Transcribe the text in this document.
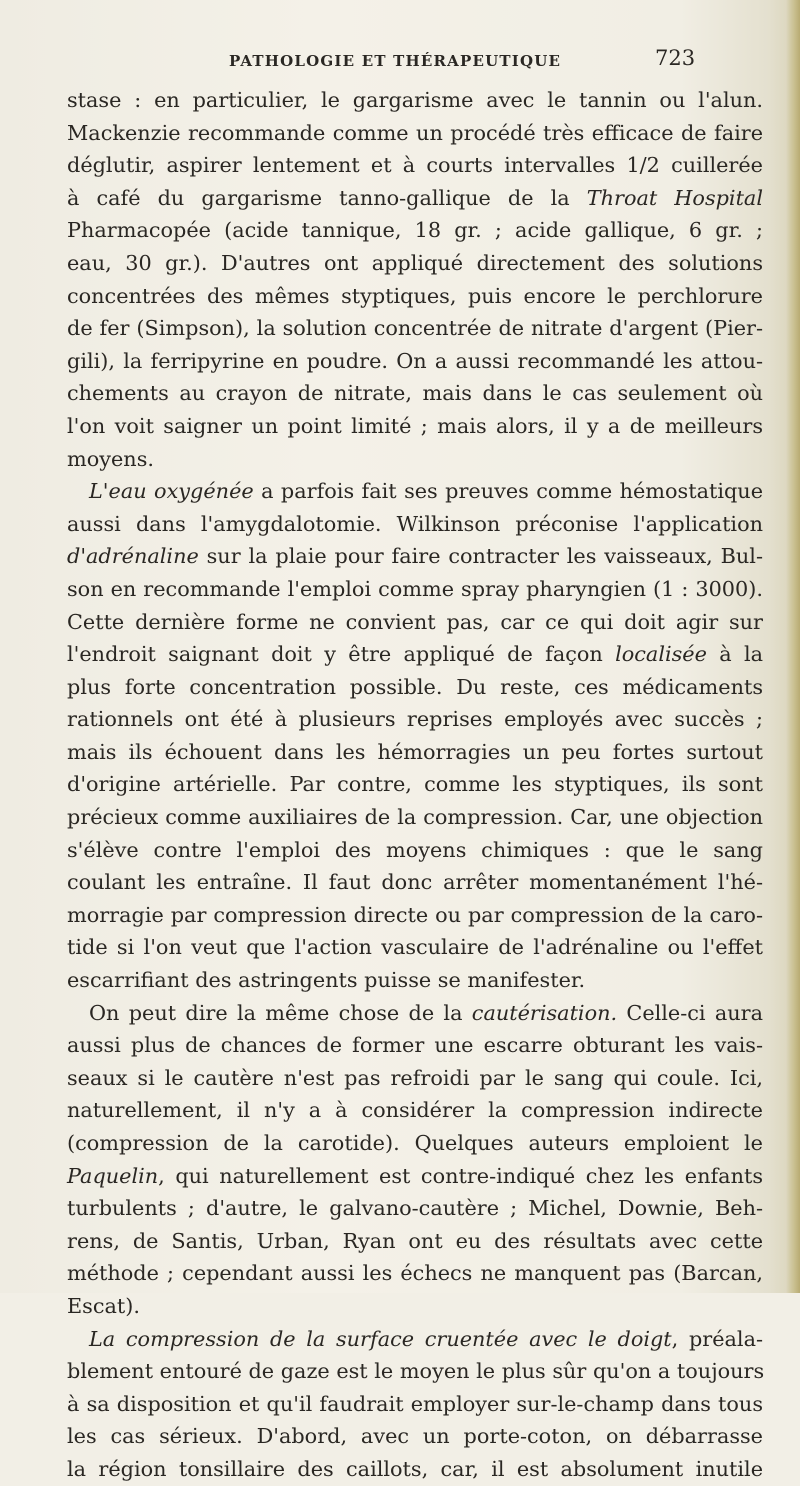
PATHOLOGIE ET THÉRAPEUTIQUE	723
stase : en particulier, le gargarisme avec le tannin ou l'alun.
Mackenzie recommande comme un procédé très efficace de faire
déglutir, aspirer lentement et à courts intervalles 1/2 cuillerée
à café du gargarisme tanno-gallique de la Throat Hospital
Pharmacopée (acide tannique, 18 gr. ; acide gallique, 6 gr. ;
eau, 30 gr.). D'autres ont appliqué directement des solutions
concentrées des mêmes styptiques, puis encore le perchlorure
de fer (Simpson), la solution concentrée de nitrate d'argent (Pier-
gili), la ferripyrine en poudre. On a aussi recommandé les attou-
chements au crayon de nitrate, mais dans le cas seulement où
l'on voit saigner un point limité ; mais alors, il y a de meilleurs
moyens.
L'eau oxygénée a parfois fait ses preuves comme hémostatique
aussi dans l'amygdalotomie. Wilkinson préconise l'application
d'adrénaline sur la plaie pour faire contracter les vaisseaux, Bul-
son en recommande l'emploi comme spray pharyngien (1 : 3000).
Cette dernière forme ne convient pas, car ce qui doit agir sur
l'endroit saignant doit y être appliqué de façon localisée à la
plus forte concentration possible. Du reste, ces médicaments
rationnels ont été à plusieurs reprises employés avec succès ;
mais ils échouent dans les hémorragies un peu fortes surtout
d'origine artérielle. Par contre, comme les styptiques, ils sont
précieux comme auxiliaires de la compression. Car, une objection
s'élève contre l'emploi des moyens chimiques : que le sang
coulant les entraîne. Il faut donc arrêter momentanément l'hé-
morragie par compression directe ou par compression de la caro-
tide si l'on veut que l'action vasculaire de l'adrénaline ou l'effet
escarrifiant des astringents puisse se manifester.
On peut dire la même chose de la cautérisation. Celle-ci aura
aussi plus de chances de former une escarre obturant les vais-
seaux si le cautère n'est pas refroidi par le sang qui coule. Ici,
naturellement, il n'y a à considérer la compression indirecte
(compression de la carotide). Quelques auteurs emploient le
Paquelin, qui naturellement est contre-indiqué chez les enfants
turbulents ; d'autre, le galvano-cautère ; Michel, Downie, Beh-
rens, de Santis, Urban, Ryan ont eu des résultats avec cette
méthode ; cependant aussi les échecs ne manquent pas (Barcan,
Escat).
La compression de la surface cruentée avec le doigt, préala-
blement entouré de gaze est le moyen le plus sûr qu'on a toujours
à sa disposition et qu'il faudrait employer sur-le-champ dans tous
les cas sérieux. D'abord, avec un porte-coton, on débarrasse
la région tonsillaire des caillots, car, il est absolument inutile
